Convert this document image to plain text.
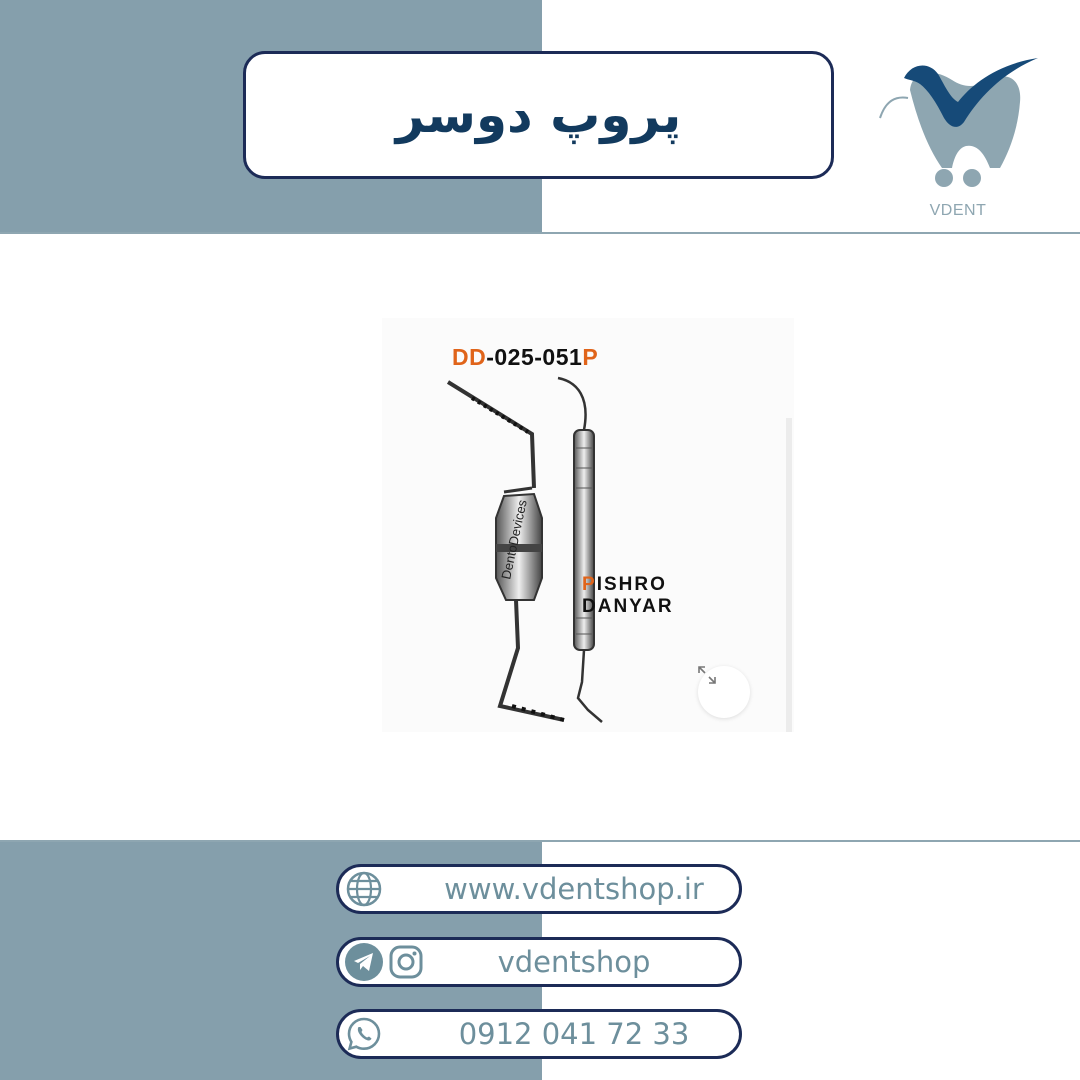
پروپ دوسر
VDENT
DentoDevices
DD-025-051P
PISHRO
DANYAR
www.vdentshop.ir
vdentshop
0912 041 72 33
